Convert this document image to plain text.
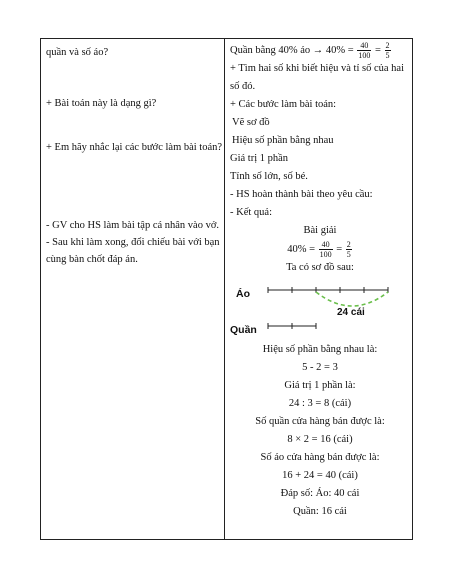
quần và số áo?
+ Bài toán này là dạng gì?
+ Em hãy nhắc lại các bước làm bài toán?
- GV cho HS làm bài tập cá nhân vào vở.
- Sau khi làm xong, đổi chiếu bài với bạn cùng bàn chốt đáp án.
Quần bằng 40% áo → $40\% = \frac{40}{100} = \frac{2}{5}$
+ Tìm hai số khi biết hiệu và tỉ số của hai số đó.
+ Các bước làm bài toán:
Vẽ sơ đồ
Hiệu số phần bằng nhau
Giá trị 1 phần
Tính số lớn, số bé.
- HS hoàn thành bài theo yêu cầu:
- Kết quả:
Bài giải
$40\% = \frac{40}{100} = \frac{2}{5}$
Ta có sơ đồ sau:
Áo
Quần
24 cái
Hiệu số phần bằng nhau là:
5 - 2 = 3
Giá trị 1 phần là:
24 : 3 = 8 (cái)
Số quần cửa hàng bán được là:
8 × 2 = 16 (cái)
Số áo cửa hàng bán được là:
16 + 24 = 40 (cái)
Đáp số: Áo: 40 cái
Quần: 16 cái
